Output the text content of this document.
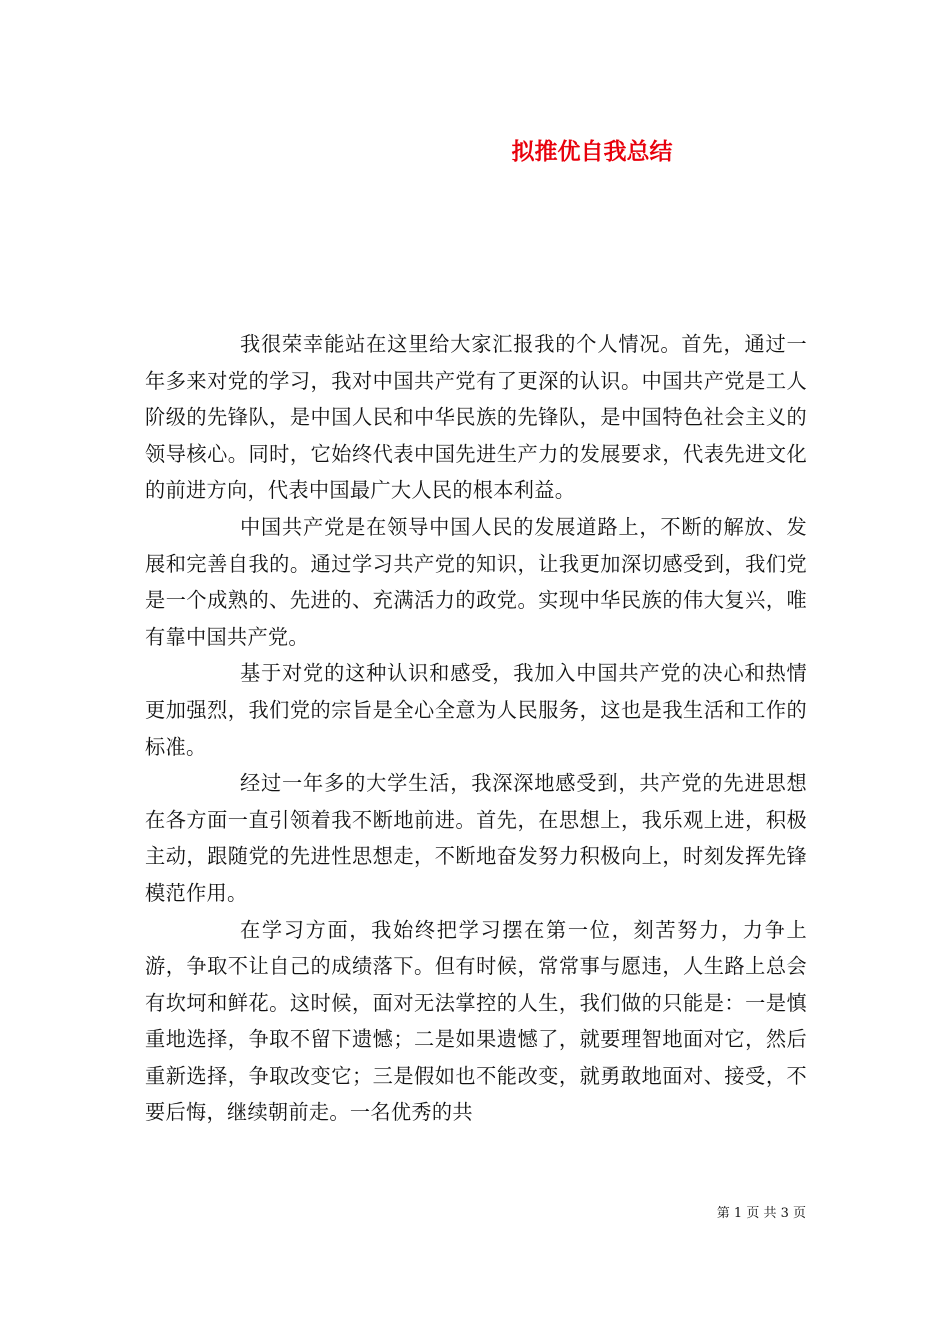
拟推优自我总结

我很荣幸能站在这里给大家汇报我的个人情况。首先，通过一年多来对党的学习，我对中国共产党有了更深的认识。中国共产党是工人阶级的先锋队，是中国人民和中华民族的先锋队，是中国特色社会主义的领导核心。同时，它始终代表中国先进生产力的发展要求，代表先进文化的前进方向，代表中国最广大人民的根本利益。

中国共产党是在领导中国人民的发展道路上，不断的解放、发展和完善自我的。通过学习共产党的知识，让我更加深切感受到，我们党是一个成熟的、先进的、充满活力的政党。实现中华民族的伟大复兴，唯有靠中国共产党。

基于对党的这种认识和感受，我加入中国共产党的决心和热情更加强烈，我们党的宗旨是全心全意为人民服务，这也是我生活和工作的标准。

经过一年多的大学生活，我深深地感受到，共产党的先进思想在各方面一直引领着我不断地前进。首先，在思想上，我乐观上进，积极主动，跟随党的先进性思想走，不断地奋发努力积极向上，时刻发挥先锋模范作用。

在学习方面，我始终把学习摆在第一位，刻苦努力，力争上游，争取不让自己的成绩落下。但有时候，常常事与愿违，人生路上总会有坎坷和鲜花。这时候，面对无法掌控的人生，我们做的只能是：一是慎重地选择，争取不留下遗憾；二是如果遗憾了，就要理智地面对它，然后重新选择，争取改变它；三是假如也不能改变，就勇敢地面对、接受，不要后悔，继续朝前走。一名优秀的共

第 1 页 共 3 页
